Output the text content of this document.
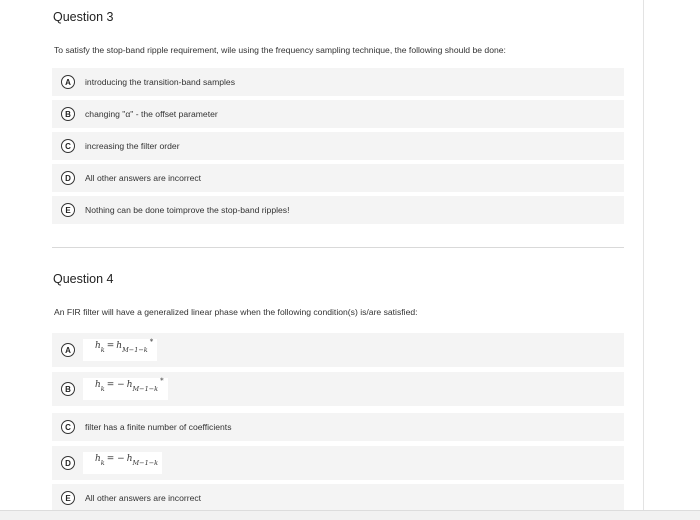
Question 3
To satisfy the stop-band ripple requirement, wile using the frequency sampling technique, the following should be done:
A	introducing the transition-band samples
B	changing "α" - the offset parameter
C	increasing the filter order
D	All other answers are incorrect
E	Nothing can be done toimprove the stop-band ripples!
Question 4
An FIR filter will have a generalized linear phase when the following condition(s) is/are satisfied:
A	h k = h M−1−k
*
B	h k = − h M−1−k
*
C	filter has a finite number of coefficients
D	h k = − h M−1−k
E	All other answers are incorrect
